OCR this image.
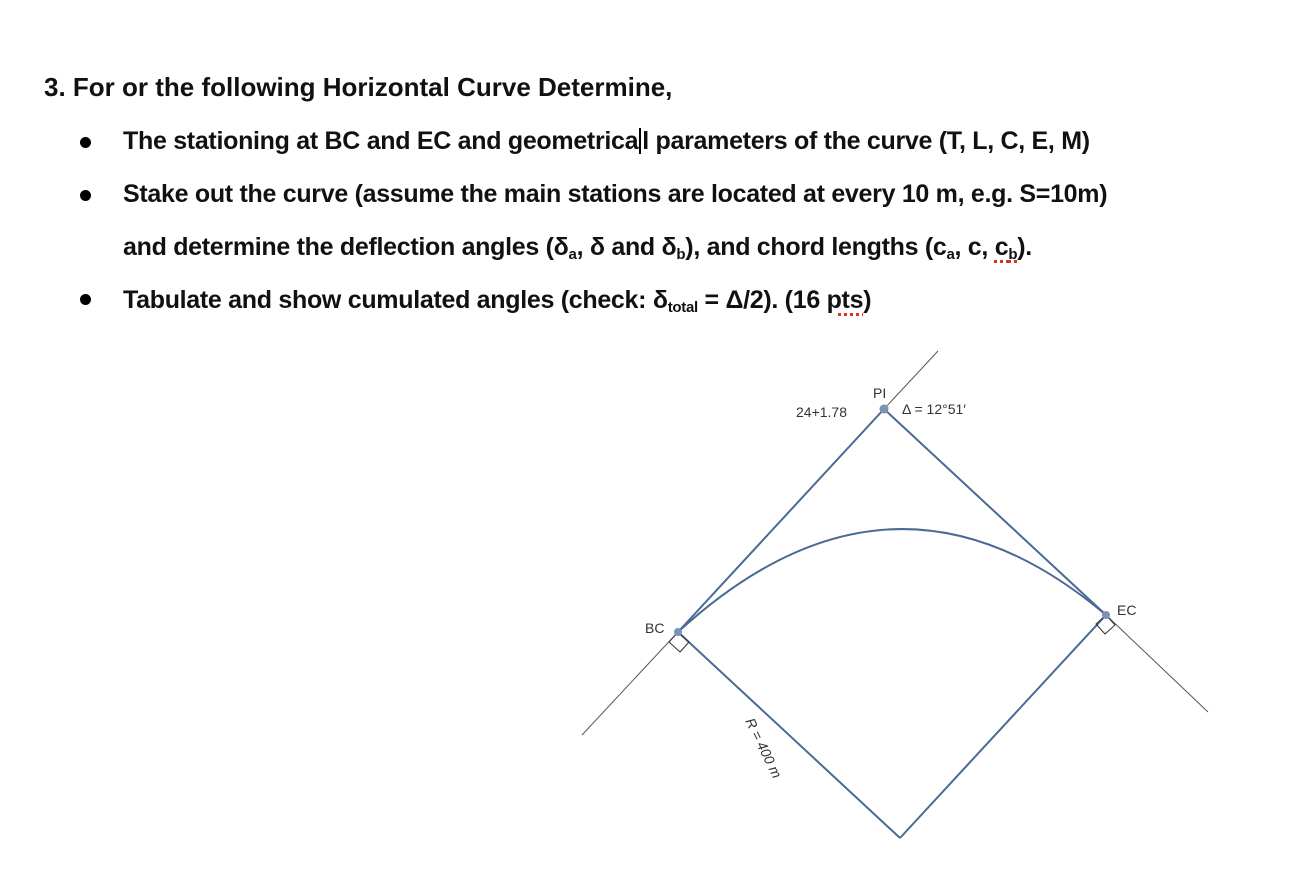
3. For or the following Horizontal Curve Determine,
The stationing at BC and EC and geometrica l parameters of the curve (T, L, C, E, M)
Stake out the curve (assume the main stations are located at every 10 m, e.g. S=10m)
and determine the deflection angles ($\delta_a$, δ and $\delta_b$), and chord lengths ($c_a$, c, $c_b$).
Tabulate and show cumulated angles (check: $\delta_{total} = \Delta/2$). (16 pts)
PI
24+1.78	Δ = 12°51′
BC
EC
R = 400 m
